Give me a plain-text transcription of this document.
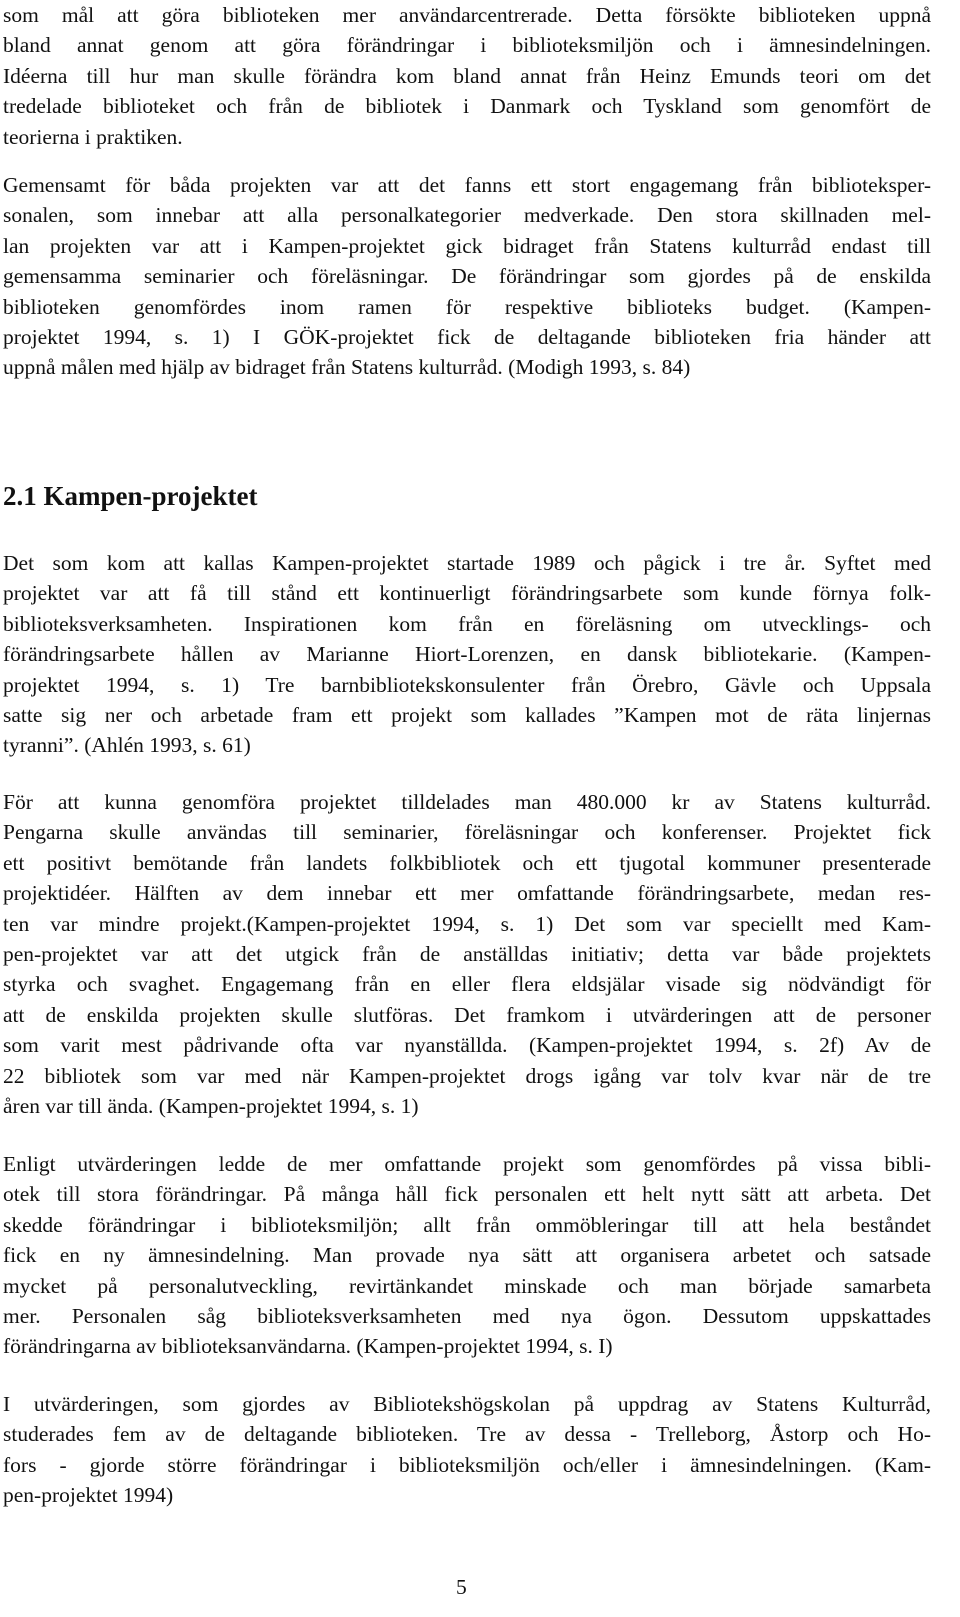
som mål att göra biblioteken mer användarcentrerade. Detta försökte biblioteken uppnå
bland annat genom att göra förändringar i biblioteksmiljön och i ämnesindelningen.
Idéerna till hur man skulle förändra kom bland annat från Heinz Emunds teori om det
tredelade biblioteket och från de bibliotek i Danmark och Tyskland som genomfört de
teorierna i praktiken.
Gemensamt för båda projekten var att det fanns ett stort engagemang från biblioteksper-
sonalen, som innebar att alla personalkategorier medverkade. Den stora skillnaden mel-
lan projekten var att i Kampen-projektet gick bidraget från Statens kulturråd endast till
gemensamma seminarier och föreläsningar. De förändringar som gjordes på de enskilda
biblioteken genomfördes inom ramen för respektive biblioteks budget. (Kampen-
projektet 1994, s. 1) I GÖK-projektet fick de deltagande biblioteken fria händer att
uppnå målen med hjälp av bidraget från Statens kulturråd. (Modigh 1993, s. 84)
2.1 Kampen-projektet
Det som kom att kallas Kampen-projektet startade 1989 och pågick i tre år. Syftet med
projektet var att få till stånd ett kontinuerligt förändringsarbete som kunde förnya folk-
biblioteksverksamheten. Inspirationen kom från en föreläsning om utvecklings- och
förändringsarbete hållen av Marianne Hiort-Lorenzen, en dansk bibliotekarie. (Kampen-
projektet 1994, s. 1) Tre barnbibliotekskonsulenter från Örebro, Gävle och Uppsala
satte sig ner och arbetade fram ett projekt som kallades ”Kampen mot de räta linjernas
tyranni”. (Ahlén 1993, s. 61)
För att kunna genomföra projektet tilldelades man 480.000 kr av Statens kulturråd.
Pengarna skulle användas till seminarier, föreläsningar och konferenser. Projektet fick
ett positivt bemötande från landets folkbibliotek och ett tjugotal kommuner presenterade
projektidéer. Hälften av dem innebar ett mer omfattande förändringsarbete, medan res-
ten var mindre projekt.(Kampen-projektet 1994, s. 1) Det som var speciellt med Kam-
pen-projektet var att det utgick från de anställdas initiativ; detta var både projektets
styrka och svaghet. Engagemang från en eller flera eldsjälar visade sig nödvändigt för
att de enskilda projekten skulle slutföras. Det framkom i utvärderingen att de personer
som varit mest pådrivande ofta var nyanställda. (Kampen-projektet 1994, s. 2f) Av de
22 bibliotek som var med när Kampen-projektet drogs igång var tolv kvar när de tre
åren var till ända. (Kampen-projektet 1994, s. 1)
Enligt utvärderingen ledde de mer omfattande projekt som genomfördes på vissa bibli-
otek till stora förändringar. På många håll fick personalen ett helt nytt sätt att arbeta. Det
skedde förändringar i biblioteksmiljön; allt från ommöbleringar till att hela beståndet
fick en ny ämnesindelning. Man provade nya sätt att organisera arbetet och satsade
mycket på personalutveckling, revirtänkandet minskade och man började samarbeta
mer. Personalen såg biblioteksverksamheten med nya ögon. Dessutom uppskattades
förändringarna av biblioteksanvändarna. (Kampen-projektet 1994, s. I)
I utvärderingen, som gjordes av Bibliotekshögskolan på uppdrag av Statens Kulturråd,
studerades fem av de deltagande biblioteken. Tre av dessa - Trelleborg, Åstorp och Ho-
fors - gjorde större förändringar i biblioteksmiljön och/eller i ämnesindelningen. (Kam-
pen-projektet 1994)
5
